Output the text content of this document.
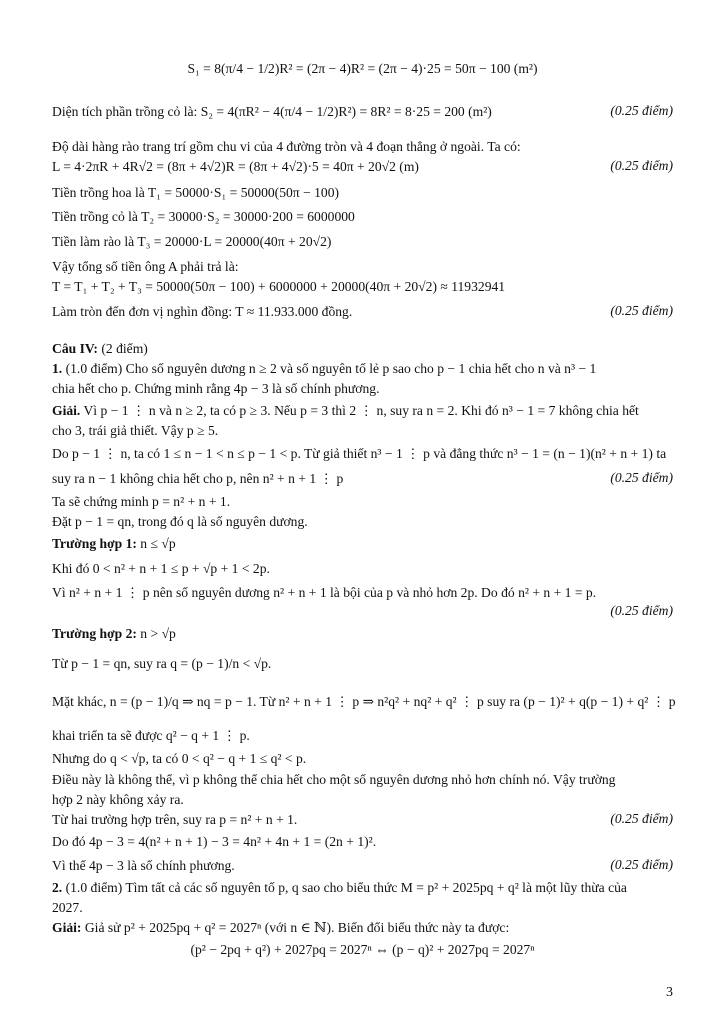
S₁ = 8(π/4 − 1/2)R² = (2π − 4)R² = (2π − 4)·25 = 50π − 100 (m²)
Diện tích phần trồng cỏ là: S₂ = 4(πR² − 4(π/4 − 1/2)R²) = 8R² = 8·25 = 200 (m²)	(0.25 điểm)
Độ dài hàng rào trang trí gồm chu vi của 4 đường tròn và 4 đoạn thẳng ở ngoài. Ta có:
L = 4·2πR + 4R√2 = (8π + 4√2)R = (8π + 4√2)·5 = 40π + 20√2 (m)	(0.25 điểm)
Tiền trồng hoa là T₁ = 50000·S₁ = 50000(50π − 100)
Tiền trồng cỏ là T₂ = 30000·S₂ = 30000·200 = 6000000
Tiền làm rào là T₃ = 20000·L = 20000(40π + 20√2)
Vậy tổng số tiền ông A phải trả là:
T = T₁ + T₂ + T₃ = 50000(50π − 100) + 6000000 + 20000(40π + 20√2) ≈ 11932941
Làm tròn đến đơn vị nghìn đồng: T ≈ 11.933.000 đồng.	(0.25 điểm)
Câu IV: (2 điểm)
1. (1.0 điểm) Cho số nguyên dương n ≥ 2 và số nguyên tố lẻ p sao cho p − 1 chia hết cho n và n³ − 1
chia hết cho p. Chứng minh rằng 4p − 3 là số chính phương.
Giải. Vì p − 1 ⋮ n và n ≥ 2, ta có p ≥ 3. Nếu p = 3 thì 2 ⋮ n, suy ra n = 2. Khi đó n³ − 1 = 7 không chia hết
cho 3, trái giả thiết. Vậy p ≥ 5.
Do p − 1 ⋮ n, ta có 1 ≤ n − 1 < n ≤ p − 1 < p. Từ giả thiết n³ − 1 ⋮ p và đẳng thức n³ − 1 = (n − 1)(n² + n + 1) ta
suy ra n − 1 không chia hết cho p, nên n² + n + 1 ⋮ p	(0.25 điểm)
Ta sẽ chứng minh p = n² + n + 1.
Đặt p − 1 = qn, trong đó q là số nguyên dương.
Trường hợp 1: n ≤ √p
Khi đó 0 < n² + n + 1 ≤ p + √p + 1 < 2p.
Vì n² + n + 1 ⋮ p nên số nguyên dương n² + n + 1 là bội của p và nhỏ hơn 2p. Do đó n² + n + 1 = p.
(0.25 điểm)
Trường hợp 2: n > √p
Từ p − 1 = qn, suy ra q = (p − 1)/n < √p.
Mặt khác, n = (p − 1)/q ⇒ nq = p − 1. Từ n² + n + 1 ⋮ p ⇒ n²q² + nq² + q² ⋮ p suy ra (p − 1)² + q(p − 1) + q² ⋮ p
khai triển ta sẽ được q² − q + 1 ⋮ p.
Nhưng do q < √p, ta có 0 < q² − q + 1 ≤ q² < p.
Điều này là không thể, vì p không thể chia hết cho một số nguyên dương nhỏ hơn chính nó. Vậy trường
hợp 2 này không xảy ra.
Từ hai trường hợp trên, suy ra p = n² + n + 1.	(0.25 điểm)
Do đó 4p − 3 = 4(n² + n + 1) − 3 = 4n² + 4n + 1 = (2n + 1)².
Vì thế 4p − 3 là số chính phương.	(0.25 điểm)
2. (1.0 điểm) Tìm tất cả các số nguyên tố p, q sao cho biểu thức M = p² + 2025pq + q² là một lũy thừa của
2027.
Giải: Giả sử p² + 2025pq + q² = 2027ⁿ (với n ∈ ℕ). Biến đổi biểu thức này ta được:
(p² − 2pq + q²) + 2027pq = 2027ⁿ ⇔ (p − q)² + 2027pq = 2027ⁿ
3
